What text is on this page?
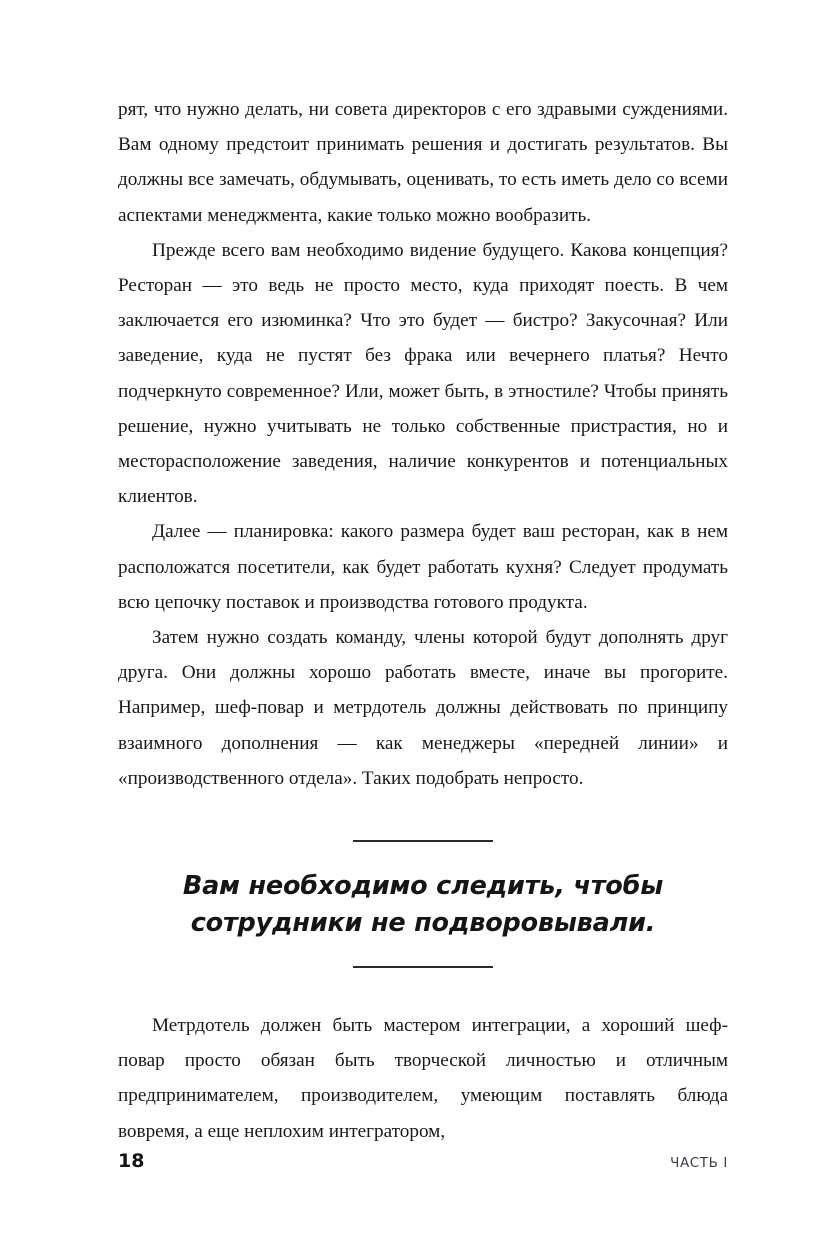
рят, что нужно делать, ни совета директоров с его здравыми суждениями. Вам одному предстоит принимать решения и достигать результатов. Вы должны все замечать, обдумывать, оценивать, то есть иметь дело со всеми аспектами менеджмента, какие только можно вообразить.

Прежде всего вам необходимо видение будущего. Какова концепция? Ресторан — это ведь не просто место, куда приходят поесть. В чем заключается его изюминка? Что это будет — бистро? Закусочная? Или заведение, куда не пустят без фрака или вечернего платья? Нечто подчеркнуто современное? Или, может быть, в этностиле? Чтобы принять решение, нужно учитывать не только собственные пристрастия, но и месторасположение заведения, наличие конкурентов и потенциальных клиентов.

Далее — планировка: какого размера будет ваш ресторан, как в нем расположатся посетители, как будет работать кухня? Следует продумать всю цепочку поставок и производства готового продукта.

Затем нужно создать команду, члены которой будут дополнять друг друга. Они должны хорошо работать вместе, иначе вы прогорите. Например, шеф-повар и метрдотель должны действовать по принципу взаимного дополнения — как менеджеры «передней линии» и «производственного отдела». Таких подобрать непросто.

Вам необходимо следить, чтобы сотрудники не подворовывали.

Метрдотель должен быть мастером интеграции, а хороший шеф-повар просто обязан быть творческой личностью и отличным предпринимателем, производителем, умеющим поставлять блюда вовремя, а еще неплохим интегратором,

18	ЧАСТЬ I
